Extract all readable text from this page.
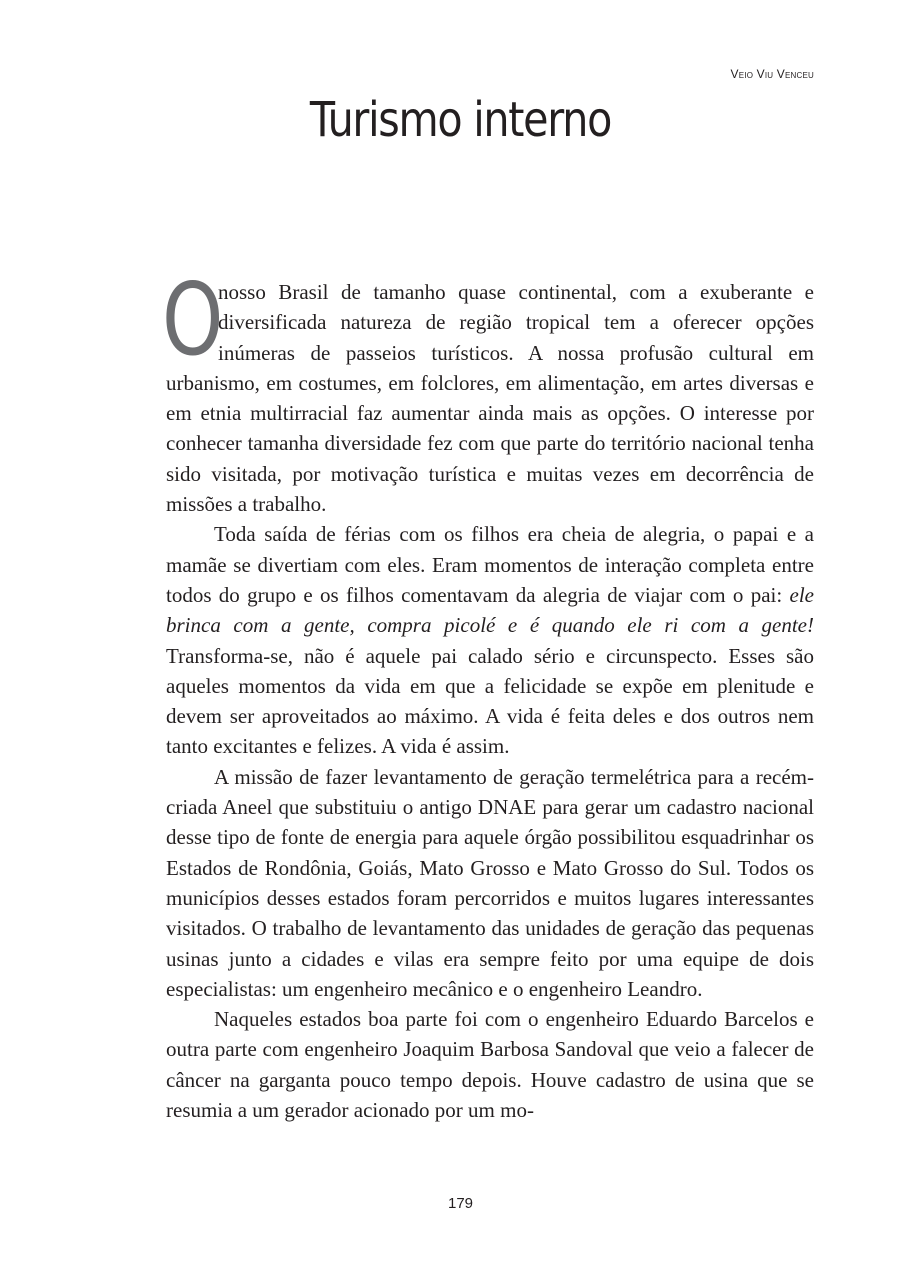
Veio Viu Venceu
Turismo interno

O
nosso Brasil de tamanho quase continental, com a exuberante e diversificada natureza de região tropical tem a oferecer opções inúmeras de passeios turísticos. A nossa profusão cultural em urbanismo, em costumes, em folclores, em alimentação, em artes diversas e em etnia multirracial faz aumentar ainda mais as opções. O interesse por conhecer tamanha diversidade fez com que parte do território nacional tenha sido visitada, por motivação turística e muitas vezes em decorrência de missões a trabalho.

Toda saída de férias com os filhos era cheia de alegria, o papai e a mamãe se divertiam com eles. Eram momentos de interação completa entre todos do grupo e os filhos comentavam da alegria de viajar com o pai: ele brinca com a gente, compra picolé e é quando ele ri com a gente! Transforma-se, não é aquele pai calado sério e circunspecto. Esses são aqueles momentos da vida em que a felicidade se expõe em plenitude e devem ser aproveitados ao máximo. A vida é feita deles e dos outros nem tanto excitantes e felizes. A vida é assim.

A missão de fazer levantamento de geração termelétrica para a recém-criada Aneel que substituiu o antigo DNAE para gerar um cadastro nacional desse tipo de fonte de energia para aquele órgão possibilitou esquadrinhar os Estados de Rondônia, Goiás, Mato Grosso e Mato Grosso do Sul. Todos os municípios desses estados foram percorridos e muitos lugares interessantes visitados. O trabalho de levantamento das unidades de geração das pequenas usinas junto a cidades e vilas era sempre feito por uma equipe de dois especialistas: um engenheiro mecânico e o engenheiro Leandro.

Naqueles estados boa parte foi com o engenheiro Eduardo Barcelos e outra parte com engenheiro Joaquim Barbosa Sandoval que veio a falecer de câncer na garganta pouco tempo depois. Houve cadastro de usina que se resumia a um gerador acionado por um mo-

179
